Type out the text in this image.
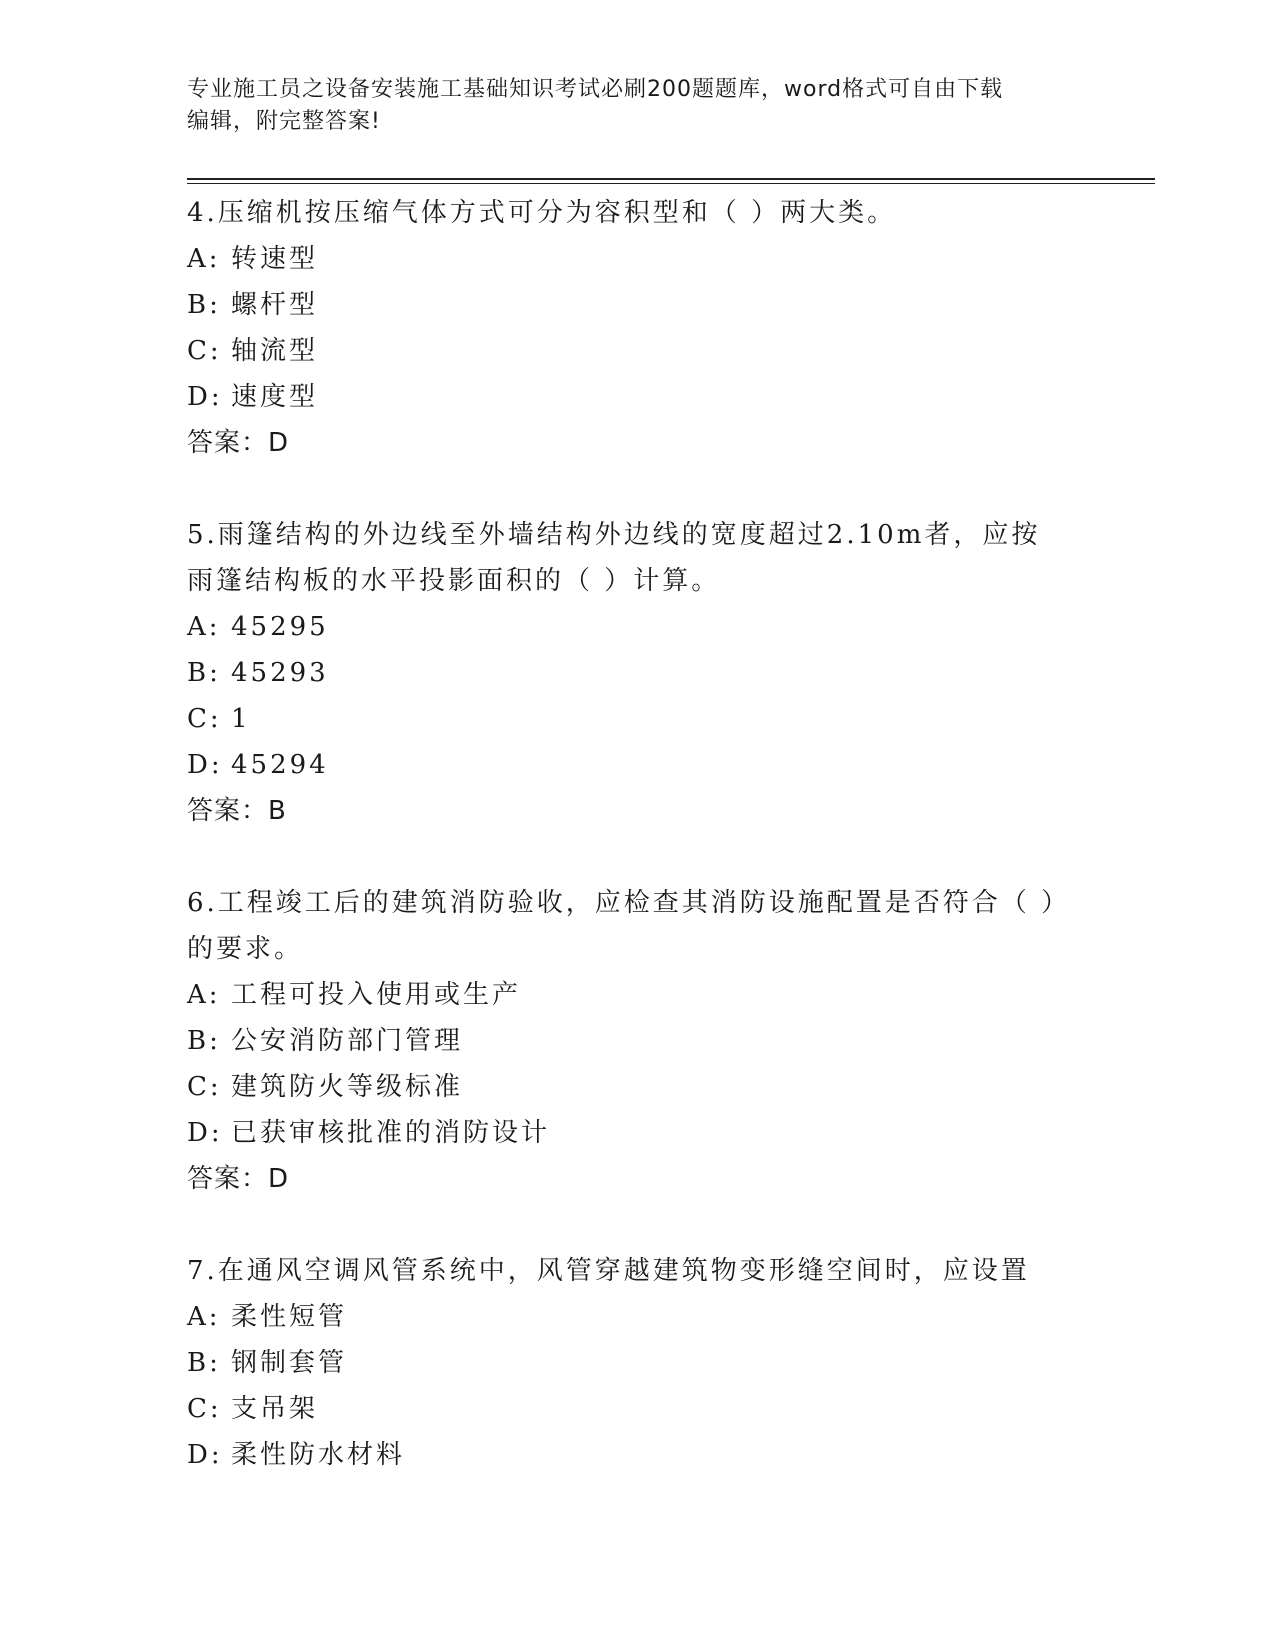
专业施工员之设备安装施工基础知识考试必刷200题题库，word格式可自由下载
编辑，附完整答案!

4.压缩机按压缩气体方式可分为容积型和（ ）两大类。

A: 转速型
B: 螺杆型
C: 轴流型
D: 速度型
答案：D

5.雨篷结构的外边线至外墙结构外边线的宽度超过2.10m者，应按雨篷结构板的水平投影面积的（ ）计算。

A: 45295
B: 45293
C: 1
D: 45294
答案：B

6.工程竣工后的建筑消防验收，应检查其消防设施配置是否符合（ ）的要求。

A: 工程可投入使用或生产
B: 公安消防部门管理
C: 建筑防火等级标准
D: 已获审核批准的消防设计
答案：D

7.在通风空调风管系统中，风管穿越建筑物变形缝空间时，应设置

A: 柔性短管
B: 钢制套管
C: 支吊架
D: 柔性防水材料
